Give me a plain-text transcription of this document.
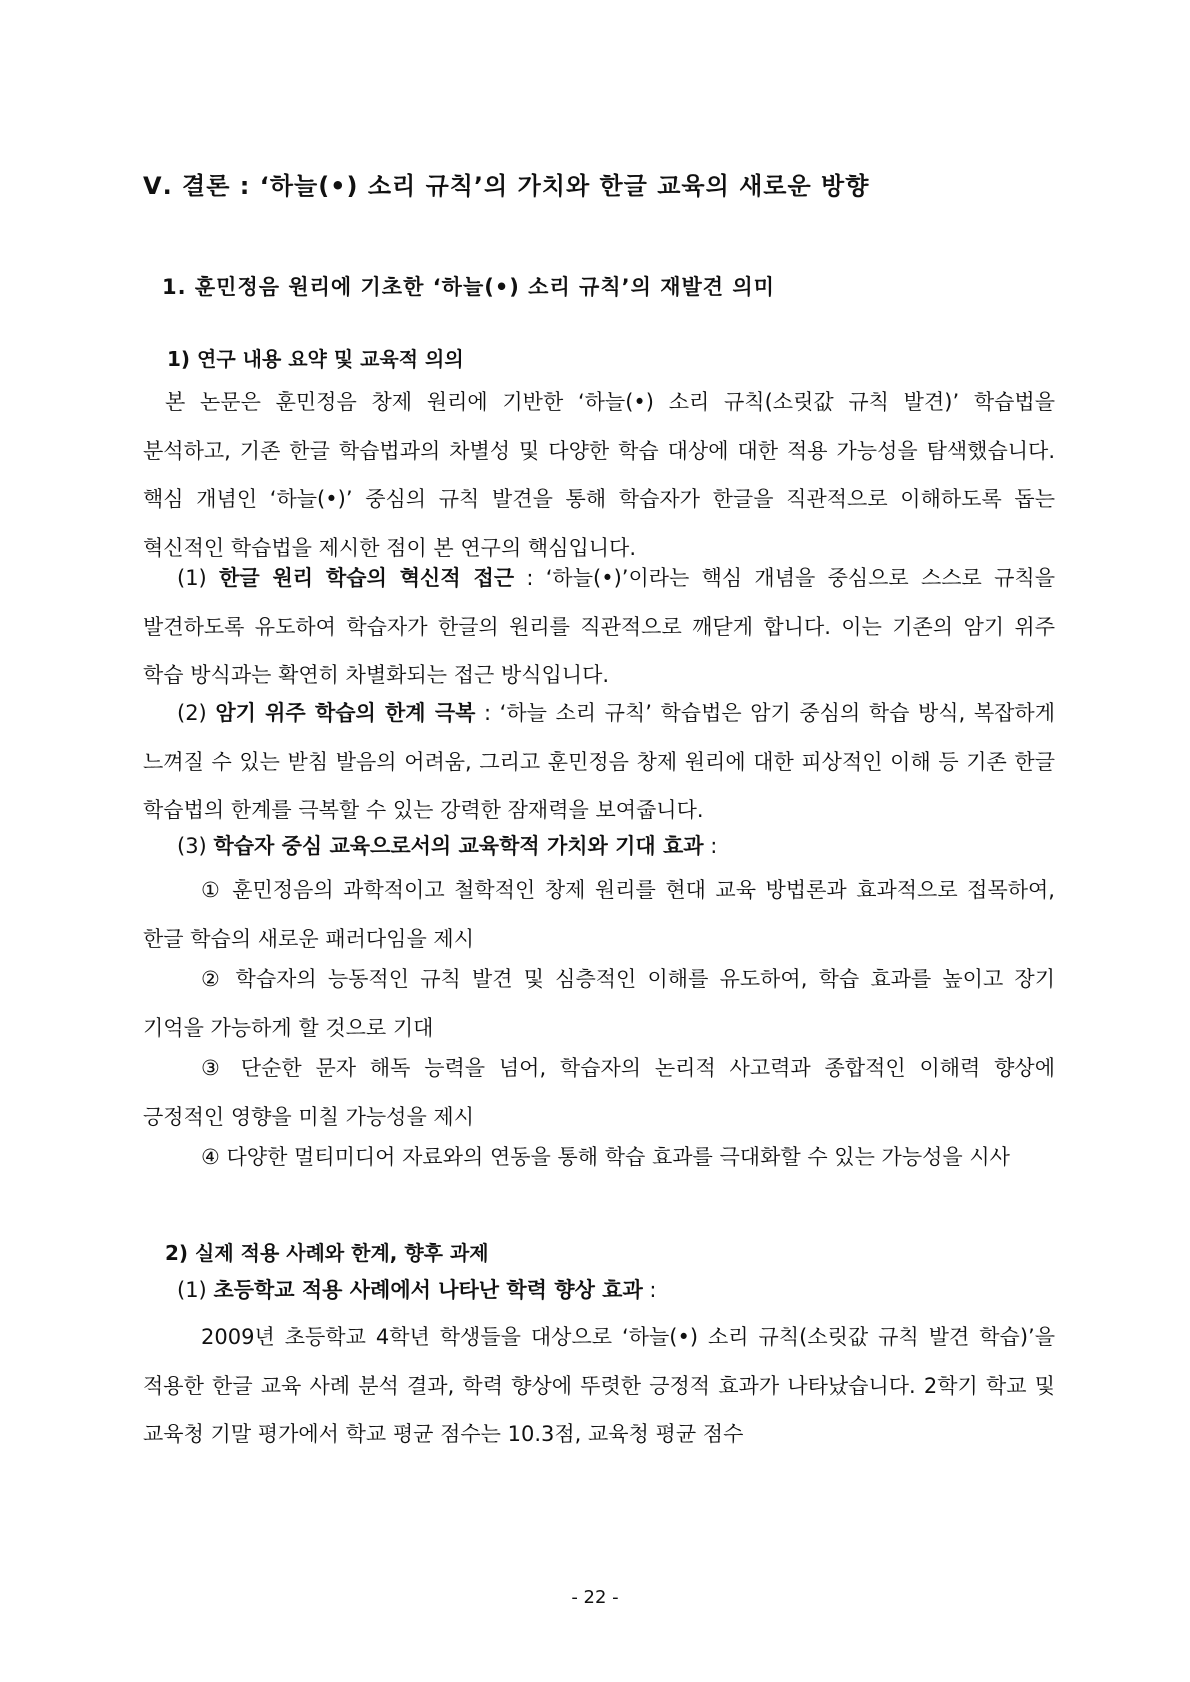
Ⅴ. 결론 : ‘하늘(•) 소리 규칙’의 가치와 한글 교육의 새로운 방향
1. 훈민정음 원리에 기초한 ‘하늘(•) 소리 규칙’의 재발견 의미
1) 연구 내용 요약 및 교육적 의의

본 논문은 훈민정음 창제 원리에 기반한 ‘하늘(•) 소리 규칙(소릿값 규칙 발견)’ 학습법을 분석하고, 기존 한글 학습법과의 차별성 및 다양한 학습 대상에 대한 적용 가능성을 탐색했습니다. 핵심 개념인 ‘하늘(•)’ 중심의 규칙 발견을 통해 학습자가 한글을 직관적으로 이해하도록 돕는 혁신적인 학습법을 제시한 점이 본 연구의 핵심입니다.

(1) 한글 원리 학습의 혁신적 접근 : ‘하늘(•)’이라는 핵심 개념을 중심으로 스스로 규칙을 발견하도록 유도하여 학습자가 한글의 원리를 직관적으로 깨닫게 합니다. 이는 기존의 암기 위주 학습 방식과는 확연히 차별화되는 접근 방식입니다.

(2) 암기 위주 학습의 한계 극복 : ‘하늘 소리 규칙’ 학습법은 암기 중심의 학습 방식, 복잡하게 느껴질 수 있는 받침 발음의 어려움, 그리고 훈민정음 창제 원리에 대한 피상적인 이해 등 기존 한글 학습법의 한계를 극복할 수 있는 강력한 잠재력을 보여줍니다.

(3) 학습자 중심 교육으로서의 교육학적 가치와 기대 효과 :

① 훈민정음의 과학적이고 철학적인 창제 원리를 현대 교육 방법론과 효과적으로 접목하여, 한글 학습의 새로운 패러다임을 제시

② 학습자의 능동적인 규칙 발견 및 심층적인 이해를 유도하여, 학습 효과를 높이고 장기 기억을 가능하게 할 것으로 기대

③ 단순한 문자 해독 능력을 넘어, 학습자의 논리적 사고력과 종합적인 이해력 향상에 긍정적인 영향을 미칠 가능성을 제시

④ 다양한 멀티미디어 자료와의 연동을 통해 학습 효과를 극대화할 수 있는 가능성을 시사

2) 실제 적용 사례와 한계, 향후 과제

(1) 초등학교 적용 사례에서 나타난 학력 향상 효과 :

2009년 초등학교 4학년 학생들을 대상으로 ‘하늘(•) 소리 규칙(소릿값 규칙 발견 학습)’을 적용한 한글 교육 사례 분석 결과, 학력 향상에 뚜렷한 긍정적 효과가 나타났습니다. 2학기 학교 및 교육청 기말 평가에서 학교 평균 점수는 10.3점, 교육청 평균 점수

- 22 -
